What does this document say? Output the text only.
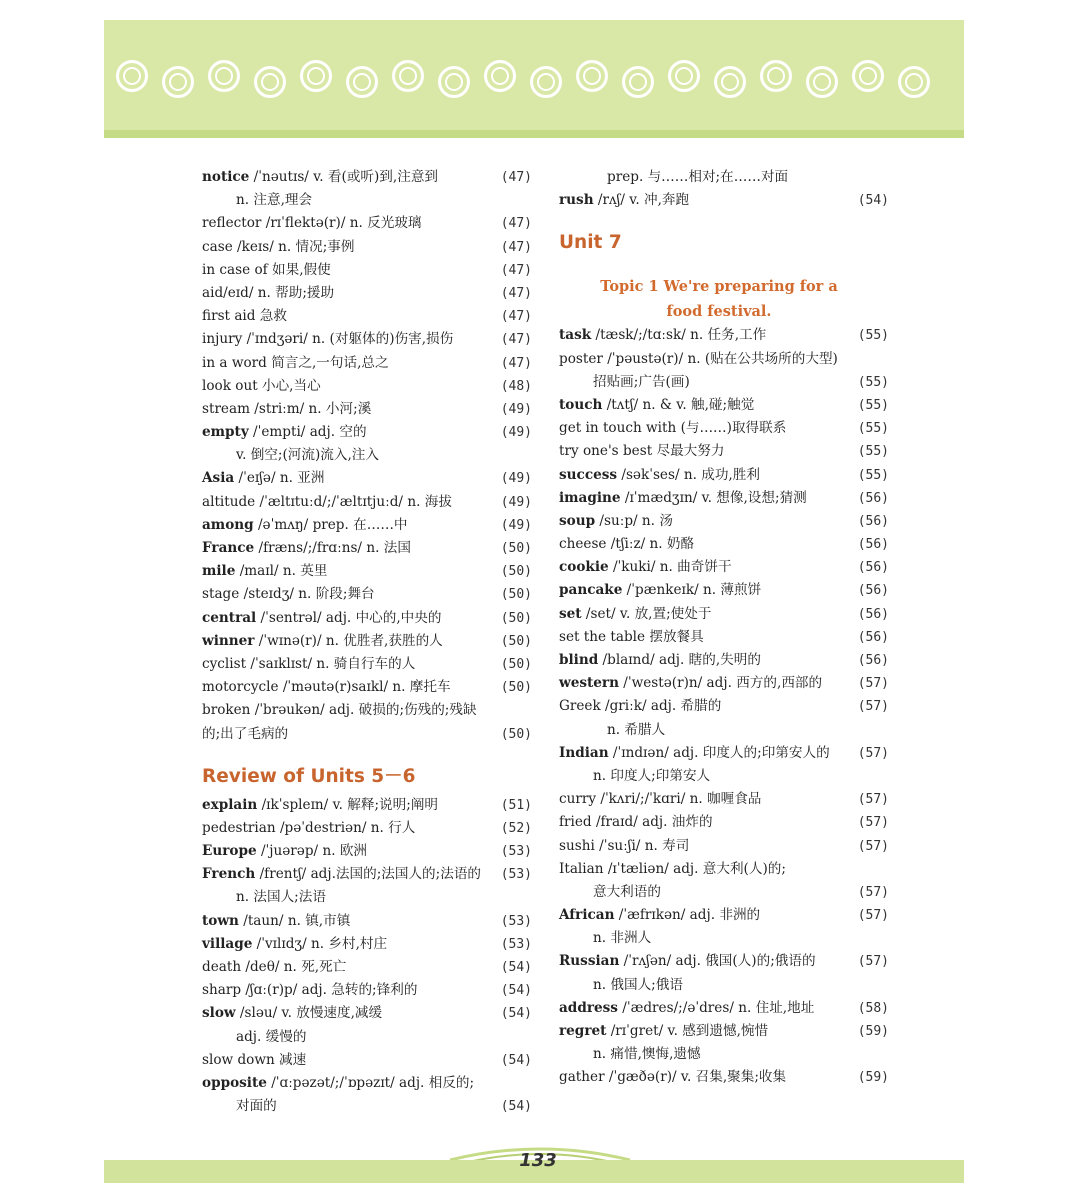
notice /ˈnəutɪs/ v. 看(或听)到,注意到	(47)
n. 注意,理会
reflector /rɪˈflektə(r)/ n. 反光玻璃	(47)
case /keɪs/ n. 情况;事例	(47)
in case of 如果,假使	(47)
aid/eɪd/ n. 帮助;援助	(47)
first aid 急救	(47)
injury /ˈɪndʒəri/ n. (对躯体的)伤害,损伤	(47)
in a word 简言之,一句话,总之	(47)
look out 小心,当心	(48)
stream /striːm/ n. 小河;溪	(49)
empty /ˈempti/ adj. 空的	(49)
v. 倒空;(河流)流入,注入
Asia /ˈeɪʃə/ n. 亚洲	(49)
altitude /ˈæltɪtuːd/;/ˈæltɪtjuːd/ n. 海拔	(49)
among /əˈmʌŋ/ prep. 在……中	(49)
France /fræns/;/frɑːns/ n. 法国	(50)
mile /maɪl/ n. 英里	(50)
stage /steɪdʒ/ n. 阶段;舞台	(50)
central /ˈsentrəl/ adj. 中心的,中央的	(50)
winner /ˈwɪnə(r)/ n. 优胜者,获胜的人	(50)
cyclist /ˈsaɪklɪst/ n. 骑自行车的人	(50)
motorcycle /ˈməutə(r)saɪkl/ n. 摩托车	(50)
broken /ˈbrəukən/ adj. 破损的;伤残的;残缺
的;出了毛病的	(50)
Review of Units 5－6
explain /ɪkˈspleɪn/ v. 解释;说明;阐明	(51)
pedestrian /pəˈdestriən/ n. 行人	(52)
Europe /ˈjuərəp/ n. 欧洲	(53)
French /frentʃ/ adj.法国的;法国人的;法语的 (53)
n. 法国人;法语
town /taun/ n. 镇,市镇	(53)
village /ˈvɪlɪdʒ/ n. 乡村,村庄	(53)
death /deθ/ n. 死,死亡	(54)
sharp /ʃɑː(r)p/ adj. 急转的;锋利的	(54)
slow /sləu/ v. 放慢速度,减缓	(54)
adj. 缓慢的
slow down 减速	(54)
opposite /ˈɑːpəzət/;/ˈɒpəzɪt/ adj. 相反的;
对面的	(54)
prep. 与……相对;在……对面
rush /rʌʃ/ v. 冲,奔跑	(54)
Unit 7
Topic 1 We're preparing for a
food festival.
task /tæsk/;/tɑːsk/ n. 任务,工作	(55)
poster /ˈpəustə(r)/ n. (贴在公共场所的大型)
招贴画;广告(画)	(55)
touch /tʌtʃ/ n. & v. 触,碰;触觉	(55)
get in touch with (与……)取得联系	(55)
try one's best 尽最大努力	(55)
success /səkˈses/ n. 成功,胜利	(55)
imagine /ɪˈmædʒɪn/ v. 想像,设想;猜测	(56)
soup /suːp/ n. 汤	(56)
cheese /tʃiːz/ n. 奶酪	(56)
cookie /ˈkuki/ n. 曲奇饼干	(56)
pancake /ˈpænkeɪk/ n. 薄煎饼	(56)
set /set/ v. 放,置;使处于	(56)
set the table 摆放餐具	(56)
blind /blaɪnd/ adj. 瞎的,失明的	(56)
western /ˈwestə(r)n/ adj. 西方的,西部的	(57)
Greek /griːk/ adj. 希腊的	(57)
n. 希腊人
Indian /ˈɪndɪən/ adj. 印度人的;印第安人的 (57)
n. 印度人;印第安人
curry /ˈkʌri/;/ˈkɑri/ n. 咖喱食品	(57)
fried /fraɪd/ adj. 油炸的	(57)
sushi /ˈsuːʃi/ n. 寿司	(57)
Italian /ɪˈtæliən/ adj. 意大利(人)的;
意大利语的	(57)
African /ˈæfrɪkən/ adj. 非洲的	(57)
n. 非洲人
Russian /ˈrʌʃən/ adj. 俄国(人)的;俄语的	(57)
n. 俄国人;俄语
address /ˈædres/;/əˈdres/ n. 住址,地址	(58)
regret /rɪˈgret/ v. 感到遗憾,惋惜	(59)
n. 痛惜,懊悔,遗憾
gather /ˈgæðə(r)/ v. 召集,聚集;收集	(59)
133
